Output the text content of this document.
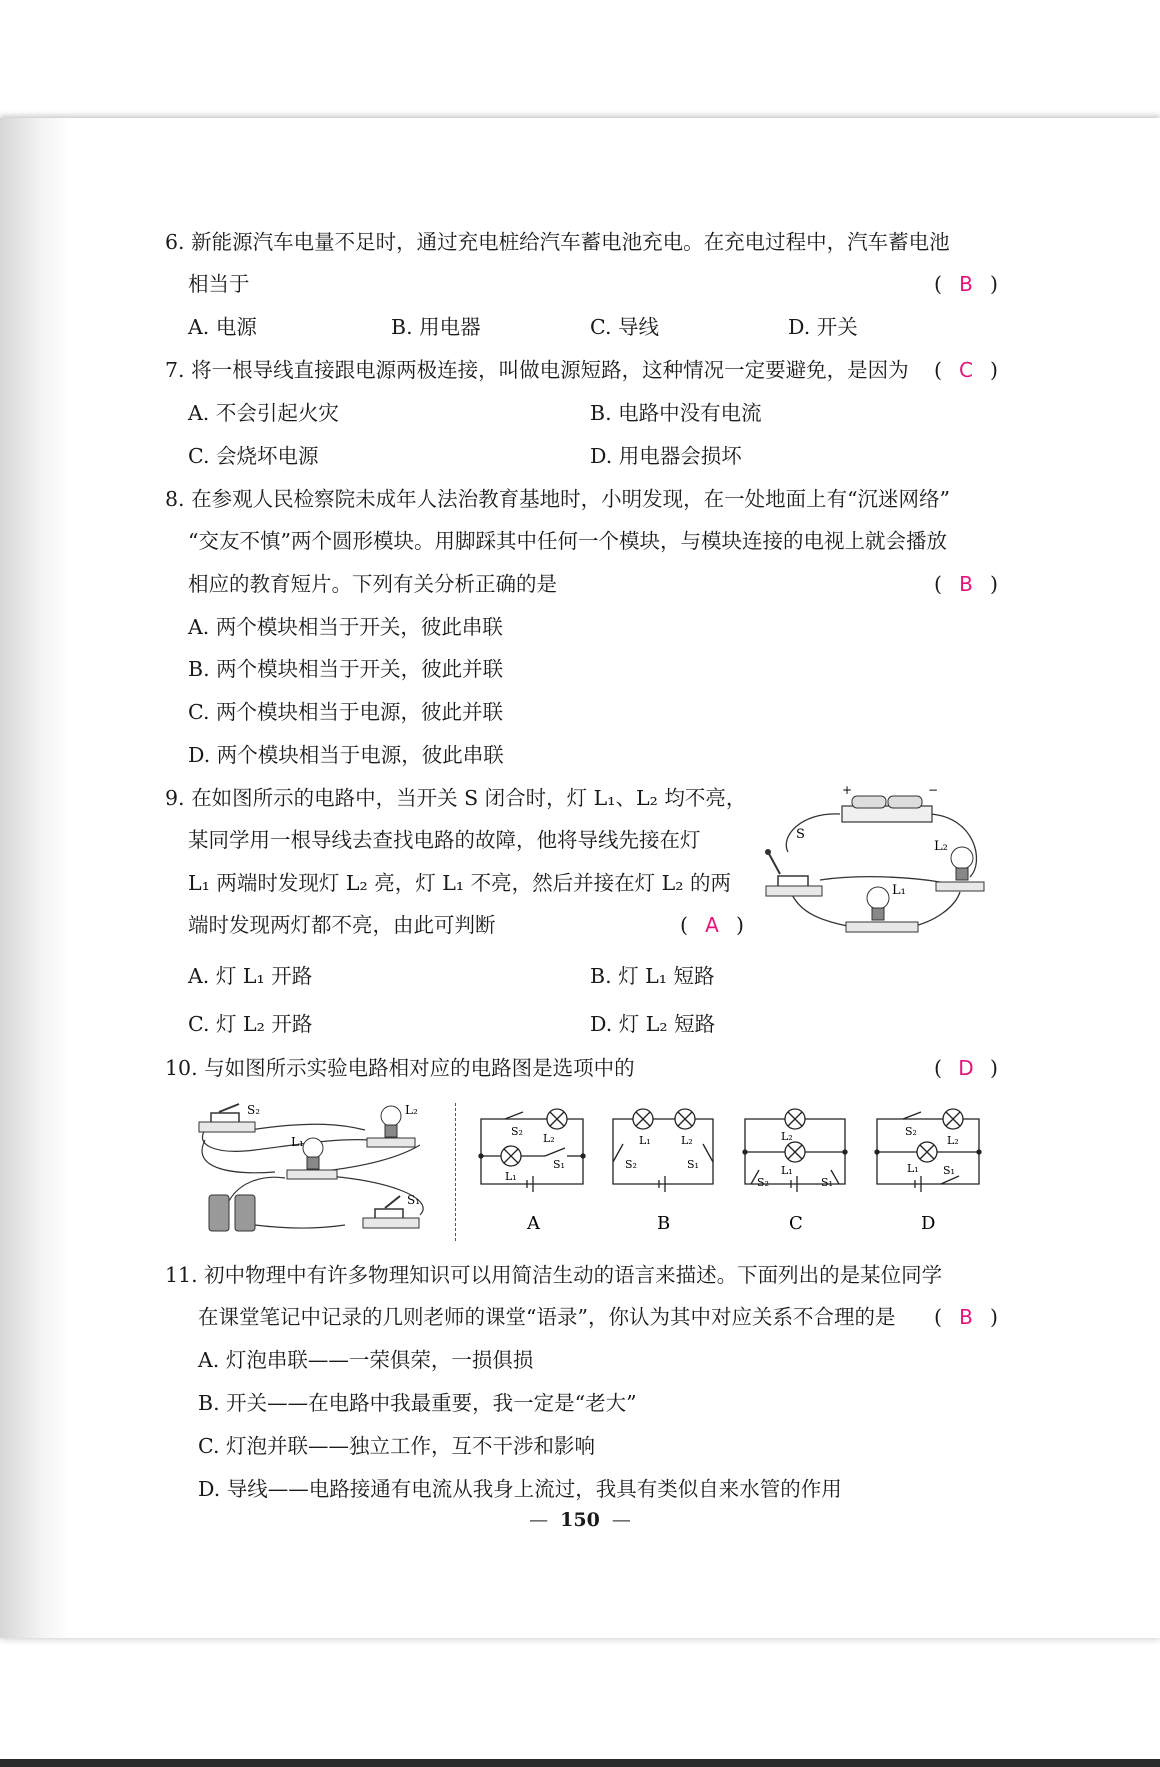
6. 新能源汽车电量不足时，通过充电桩给汽车蓄电池充电。在充电过程中，汽车蓄电池
相当于	( B )
A. 电源	B. 用电器	C. 导线	D. 开关
7. 将一根导线直接跟电源两极连接，叫做电源短路，这种情况一定要避免，是因为 ( C )
A. 不会引起火灾	B. 电路中没有电流
C. 会烧坏电源	D. 用电器会损坏
8. 在参观人民检察院未成年人法治教育基地时，小明发现，在一处地面上有“沉迷网络”
“交友不慎”两个圆形模块。用脚踩其中任何一个模块，与模块连接的电视上就会播放
相应的教育短片。下列有关分析正确的是	( B )
A. 两个模块相当于开关，彼此串联
B. 两个模块相当于开关，彼此并联
C. 两个模块相当于电源，彼此并联
D. 两个模块相当于电源，彼此串联
9. 在如图所示的电路中，当开关 S 闭合时，灯 L₁、L₂ 均不亮，
某同学用一根导线去查找电路的故障，他将导线先接在灯
L₁ 两端时发现灯 L₂ 亮，灯 L₁ 不亮，然后并接在灯 L₂ 的两
端时发现两灯都不亮，由此可判断	( A )
+	−
S
L₂
L₁
A. 灯 L₁ 开路	B. 灯 L₁ 短路
C. 灯 L₂ 开路	D. 灯 L₂ 短路
10. 与如图所示实验电路相对应的电路图是选项中的	( D )
S₂	L₂
L₁
S₁
S₂
L₂
L₁
S₁
A
S₂
L₁	L₂
S₁
B
L₂
L₁
S₂	S₁
C
S₂
L₂
L₁ S₁
D
11. 初中物理中有许多物理知识可以用简洁生动的语言来描述。下面列出的是某位同学
在课堂笔记中记录的几则老师的课堂“语录”，你认为其中对应关系不合理的是 ( B )
A. 灯泡串联——一荣俱荣，一损俱损
B. 开关——在电路中我最重要，我一定是“老大”
C. 灯泡并联——独立工作，互不干涉和影响
D. 导线——电路接通有电流从我身上流过，我具有类似自来水管的作用
— 150 —
